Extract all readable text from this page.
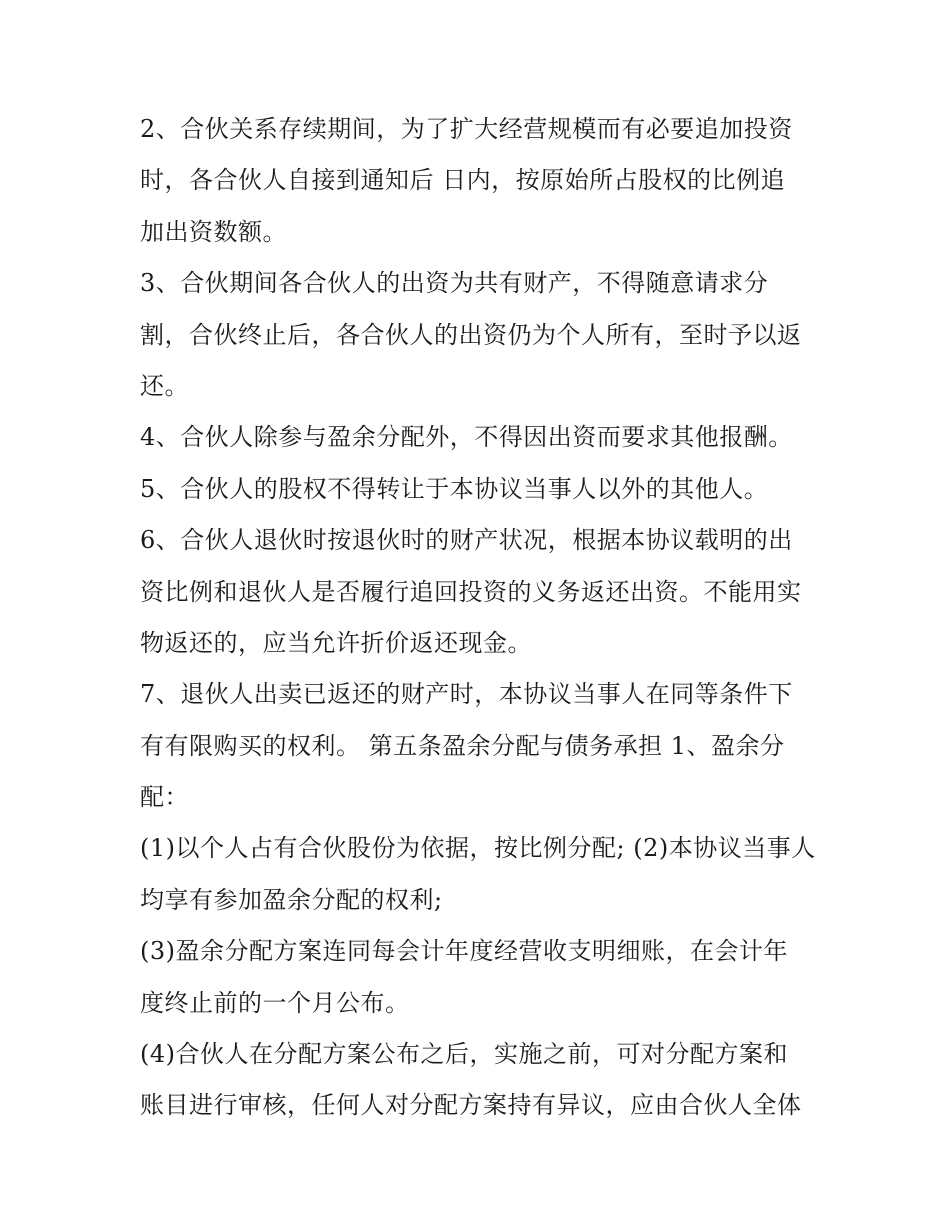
2、合伙关系存续期间，为了扩大经营规模而有必要追加投资
时，各合伙人自接到通知后 日内，按原始所占股权的比例追
加出资数额。
3、合伙期间各合伙人的出资为共有财产，不得随意请求分
割，合伙终止后，各合伙人的出资仍为个人所有，至时予以返
还。
4、合伙人除参与盈余分配外，不得因出资而要求其他报酬。
5、合伙人的股权不得转让于本协议当事人以外的其他人。
6、合伙人退伙时按退伙时的财产状况，根据本协议载明的出
资比例和退伙人是否履行追回投资的义务返还出资。不能用实
物返还的，应当允许折价返还现金。
7、退伙人出卖已返还的财产时，本协议当事人在同等条件下
有有限购买的权利。 第五条盈余分配与债务承担 1、盈余分
配：
(1)以个人占有合伙股份为依据，按比例分配; (2)本协议当事人
均享有参加盈余分配的权利;
(3)盈余分配方案连同每会计年度经营收支明细账，在会计年
度终止前的一个月公布。
(4)合伙人在分配方案公布之后，实施之前，可对分配方案和
账目进行审核，任何人对分配方案持有异议，应由合伙人全体
